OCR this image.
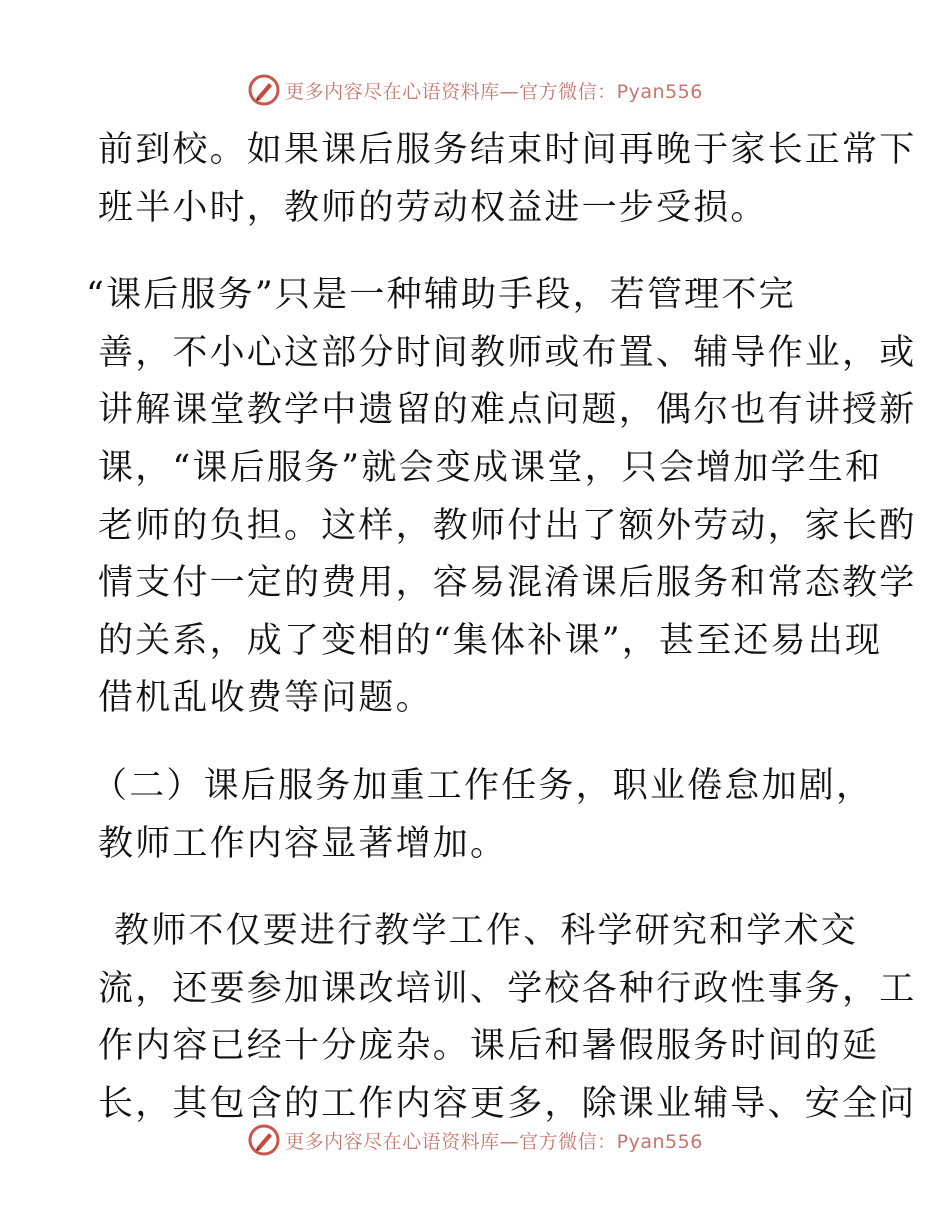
更多内容尽在心语资料库—官方微信：Pyan556

前到校。如果课后服务结束时间再晚于家长正常下
班半小时，教师的劳动权益进一步受损。

“课后服务”只是一种辅助手段，若管理不完
善，不小心这部分时间教师或布置、辅导作业，或
讲解课堂教学中遗留的难点问题，偶尔也有讲授新
课，“课后服务”就会变成课堂，只会增加学生和
老师的负担。这样，教师付出了额外劳动，家长酌
情支付一定的费用，容易混淆课后服务和常态教学
的关系，成了变相的“集体补课”，甚至还易出现
借机乱收费等问题。

（二）课后服务加重工作任务，职业倦怠加剧，
教师工作内容显著增加。

教师不仅要进行教学工作、科学研究和学术交
流，还要参加课改培训、学校各种行政性事务，工
作内容已经十分庞杂。课后和暑假服务时间的延
长，其包含的工作内容更多，除课业辅导、安全问

更多内容尽在心语资料库—官方微信：Pyan556
